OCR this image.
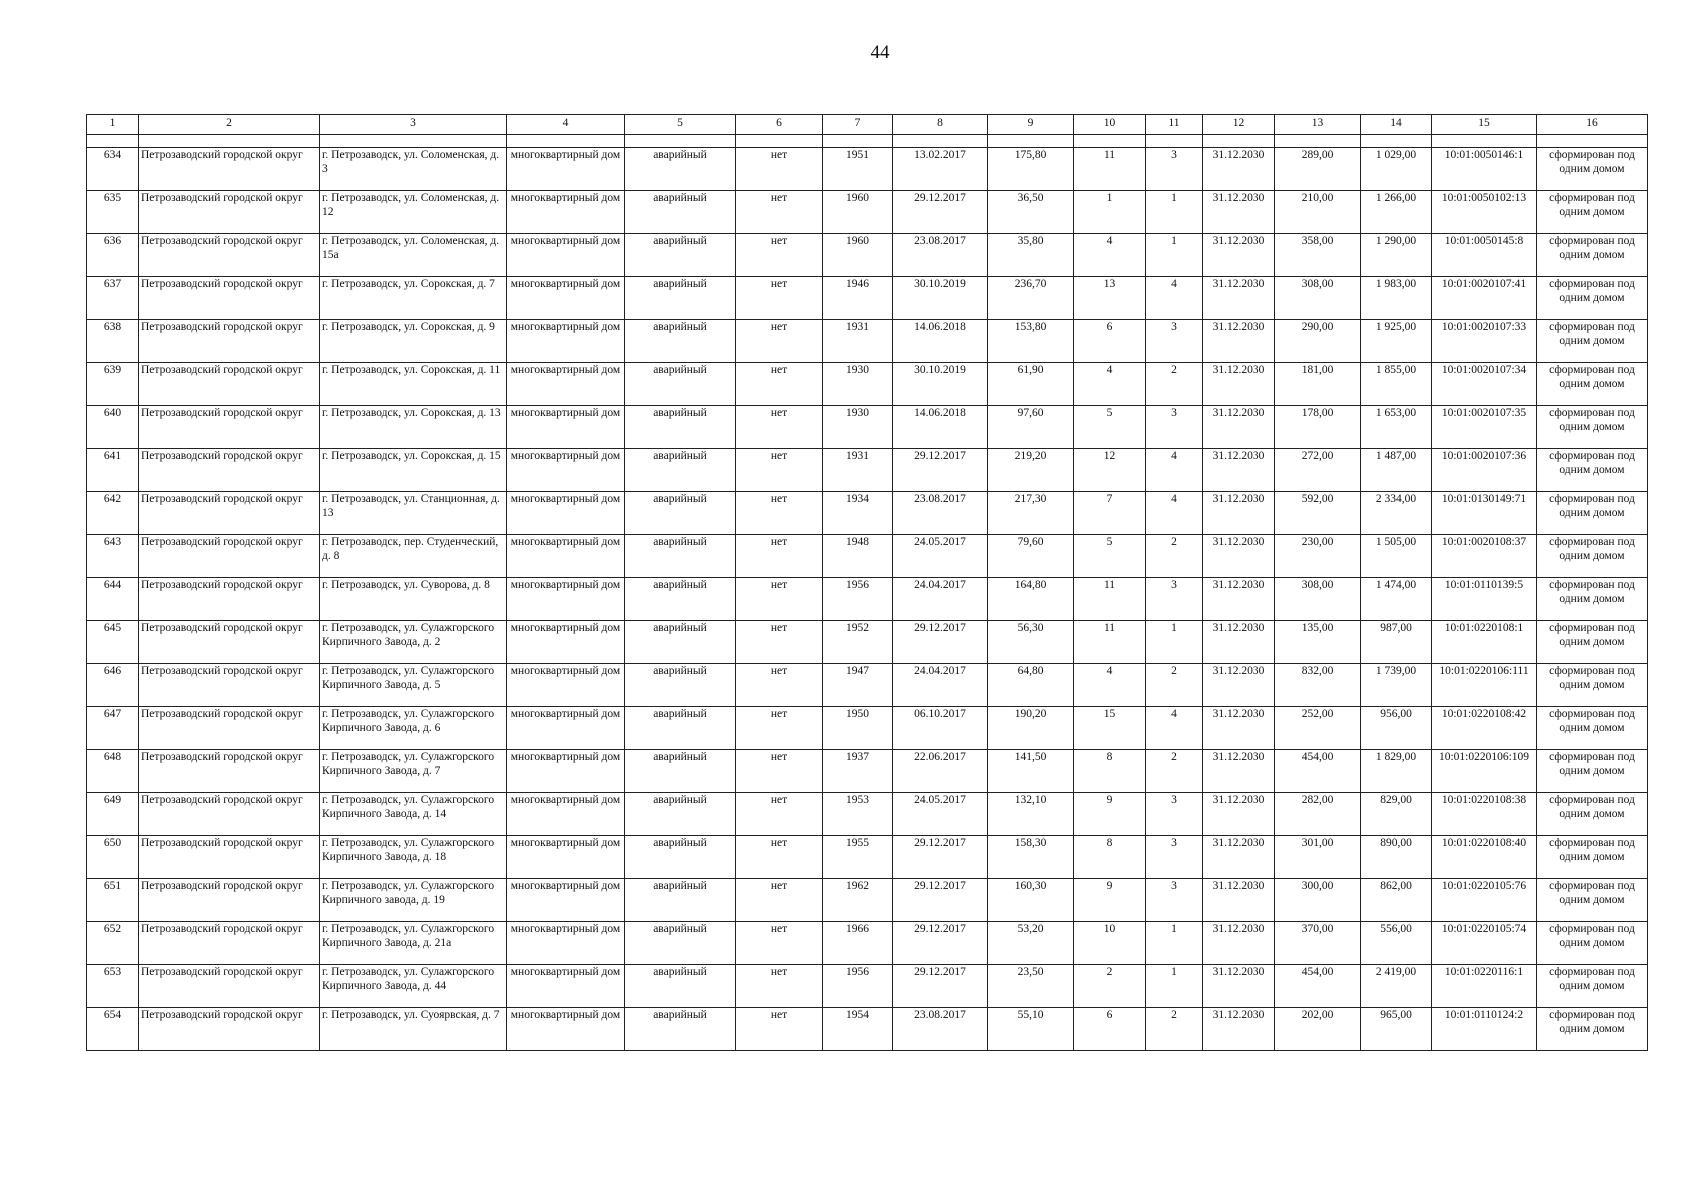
44
1	2	3	4	5	6	7	8	9	10	11	12	13	14	15	16

634	Петрозаводский городской округ	г. Петрозаводск, ул. Соломенская, д. 3	многоквартирный дом	аварийный	нет	1951	13.02.2017	175,80	11	3	31.12.2030	289,00	1 029,00	10:01:0050146:1	сформирован под одним домом
635	Петрозаводский городской округ	г. Петрозаводск, ул. Соломенская, д. 12	многоквартирный дом	аварийный	нет	1960	29.12.2017	36,50	1	1	31.12.2030	210,00	1 266,00	10:01:0050102:13	сформирован под одним домом
636	Петрозаводский городской округ	г. Петрозаводск, ул. Соломенская, д. 15а	многоквартирный дом	аварийный	нет	1960	23.08.2017	35,80	4	1	31.12.2030	358,00	1 290,00	10:01:0050145:8	сформирован под одним домом
637	Петрозаводский городской округ	г. Петрозаводск, ул. Сорокская, д. 7	многоквартирный дом	аварийный	нет	1946	30.10.2019	236,70	13	4	31.12.2030	308,00	1 983,00	10:01:0020107:41	сформирован под одним домом
638	Петрозаводский городской округ	г. Петрозаводск, ул. Сорокская, д. 9	многоквартирный дом	аварийный	нет	1931	14.06.2018	153,80	6	3	31.12.2030	290,00	1 925,00	10:01:0020107:33	сформирован под одним домом
639	Петрозаводский городской округ	г. Петрозаводск, ул. Сорокская, д. 11	многоквартирный дом	аварийный	нет	1930	30.10.2019	61,90	4	2	31.12.2030	181,00	1 855,00	10:01:0020107:34	сформирован под одним домом
640	Петрозаводский городской округ	г. Петрозаводск, ул. Сорокская, д. 13	многоквартирный дом	аварийный	нет	1930	14.06.2018	97,60	5	3	31.12.2030	178,00	1 653,00	10:01:0020107:35	сформирован под одним домом
641	Петрозаводский городской округ	г. Петрозаводск, ул. Сорокская, д. 15	многоквартирный дом	аварийный	нет	1931	29.12.2017	219,20	12	4	31.12.2030	272,00	1 487,00	10:01:0020107:36	сформирован под одним домом
642	Петрозаводский городской округ	г. Петрозаводск, ул. Станционная, д. 13	многоквартирный дом	аварийный	нет	1934	23.08.2017	217,30	7	4	31.12.2030	592,00	2 334,00	10:01:0130149:71	сформирован под одним домом
643	Петрозаводский городской округ	г. Петрозаводск, пер. Студенческий, д. 8	многоквартирный дом	аварийный	нет	1948	24.05.2017	79,60	5	2	31.12.2030	230,00	1 505,00	10:01:0020108:37	сформирован под одним домом
644	Петрозаводский городской округ	г. Петрозаводск, ул. Суворова, д. 8	многоквартирный дом	аварийный	нет	1956	24.04.2017	164,80	11	3	31.12.2030	308,00	1 474,00	10:01:0110139:5	сформирован под одним домом
645	Петрозаводский городской округ	г. Петрозаводск, ул. Сулажгорского Кирпичного Завода, д. 2	многоквартирный дом	аварийный	нет	1952	29.12.2017	56,30	11	1	31.12.2030	135,00	987,00	10:01:0220108:1	сформирован под одним домом
646	Петрозаводский городской округ	г. Петрозаводск, ул. Сулажгорского Кирпичного Завода, д. 5	многоквартирный дом	аварийный	нет	1947	24.04.2017	64,80	4	2	31.12.2030	832,00	1 739,00	10:01:0220106:111	сформирован под одним домом
647	Петрозаводский городской округ	г. Петрозаводск, ул. Сулажгорского Кирпичного Завода, д. 6	многоквартирный дом	аварийный	нет	1950	06.10.2017	190,20	15	4	31.12.2030	252,00	956,00	10:01:0220108:42	сформирован под одним домом
648	Петрозаводский городской округ	г. Петрозаводск, ул. Сулажгорского Кирпичного Завода, д. 7	многоквартирный дом	аварийный	нет	1937	22.06.2017	141,50	8	2	31.12.2030	454,00	1 829,00	10:01:0220106:109	сформирован под одним домом
649	Петрозаводский городской округ	г. Петрозаводск, ул. Сулажгорского Кирпичного Завода, д. 14	многоквартирный дом	аварийный	нет	1953	24.05.2017	132,10	9	3	31.12.2030	282,00	829,00	10:01:0220108:38	сформирован под одним домом
650	Петрозаводский городской округ	г. Петрозаводск, ул. Сулажгорского Кирпичного Завода, д. 18	многоквартирный дом	аварийный	нет	1955	29.12.2017	158,30	8	3	31.12.2030	301,00	890,00	10:01:0220108:40	сформирован под одним домом
651	Петрозаводский городской округ	г. Петрозаводск, ул. Сулажгорского Кирпичного завода, д. 19	многоквартирный дом	аварийный	нет	1962	29.12.2017	160,30	9	3	31.12.2030	300,00	862,00	10:01:0220105:76	сформирован под одним домом
652	Петрозаводский городской округ	г. Петрозаводск, ул. Сулажгорского Кирпичного Завода, д. 21а	многоквартирный дом	аварийный	нет	1966	29.12.2017	53,20	10	1	31.12.2030	370,00	556,00	10:01:0220105:74	сформирован под одним домом
653	Петрозаводский городской округ	г. Петрозаводск, ул. Сулажгорского Кирпичного Завода, д. 44	многоквартирный дом	аварийный	нет	1956	29.12.2017	23,50	2	1	31.12.2030	454,00	2 419,00	10:01:0220116:1	сформирован под одним домом
654	Петрозаводский городской округ	г. Петрозаводск, ул. Суоярвская, д. 7	многоквартирный дом	аварийный	нет	1954	23.08.2017	55,10	6	2	31.12.2030	202,00	965,00	10:01:0110124:2	сформирован под одним домом
